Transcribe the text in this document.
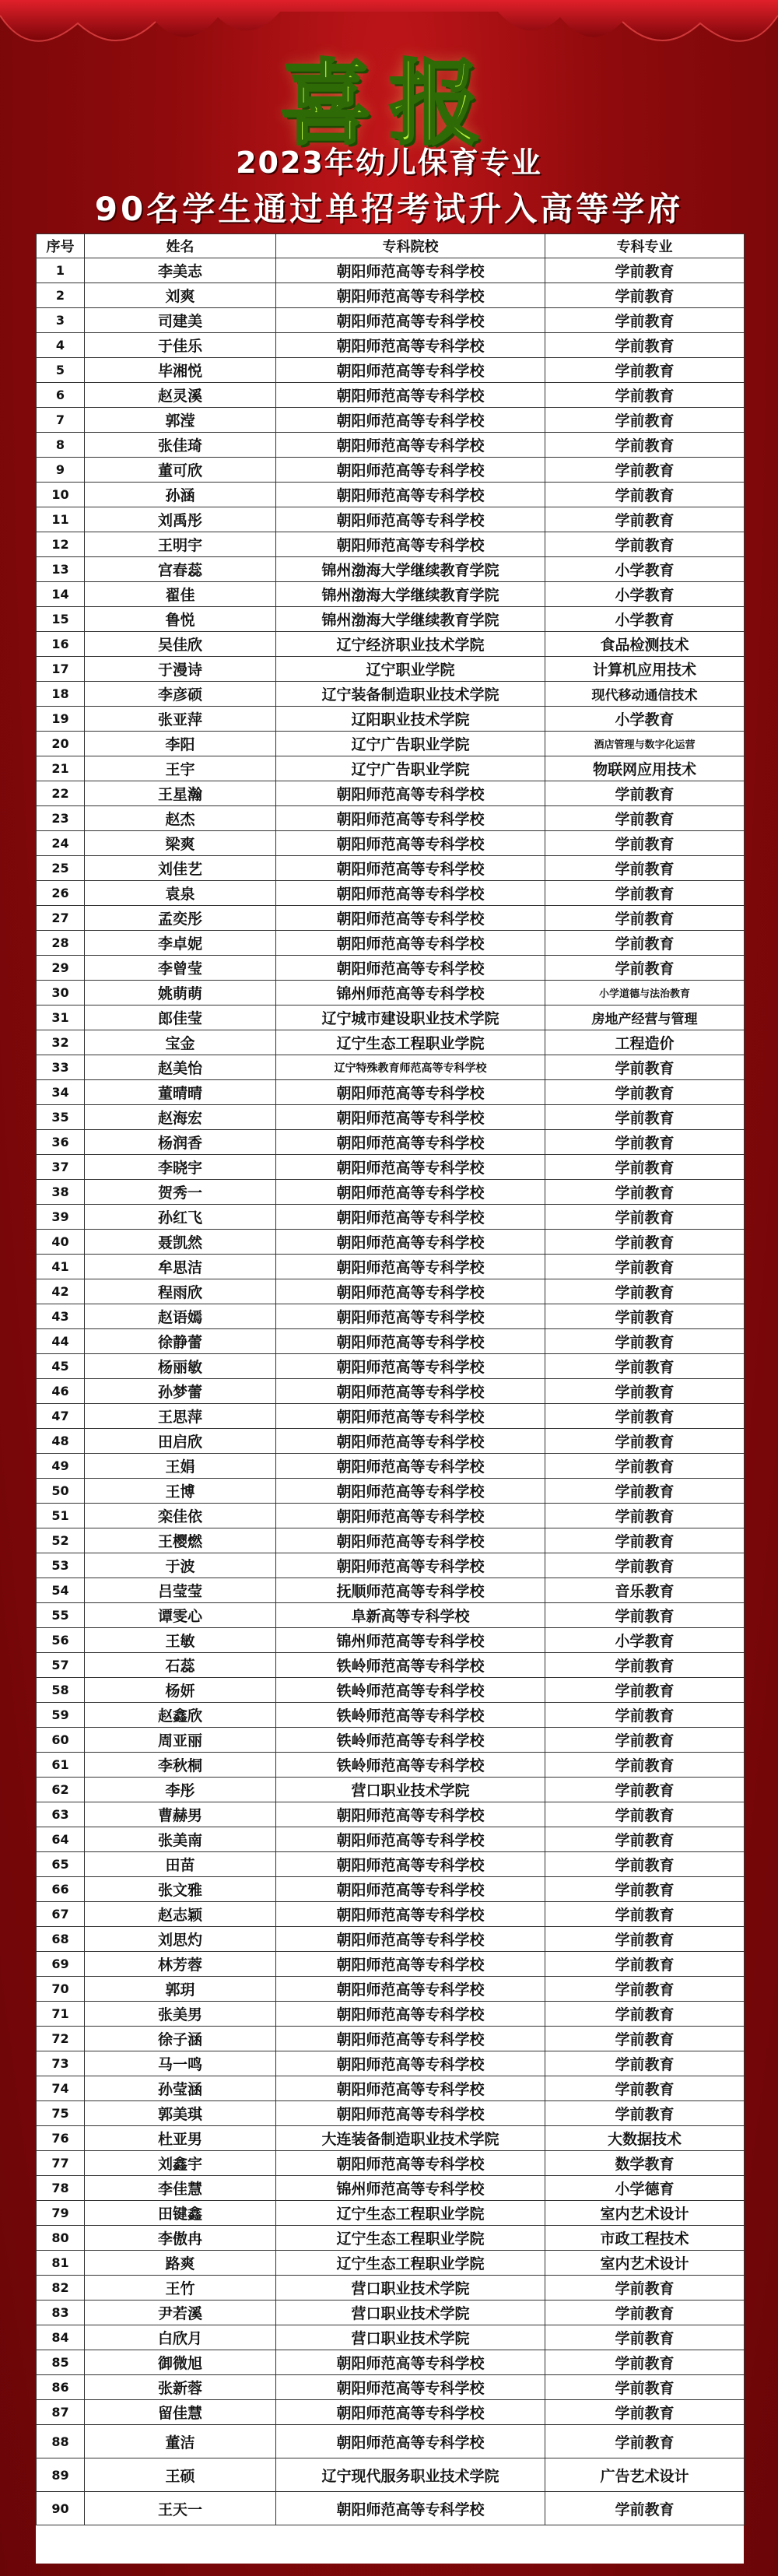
喜报
2023年幼儿保育专业
90名学生通过单招考试升入高等学府
序号	姓名	专科院校	专科专业
1	李美志	朝阳师范高等专科学校	学前教育
2	刘爽	朝阳师范高等专科学校	学前教育
3	司建美	朝阳师范高等专科学校	学前教育
4	于佳乐	朝阳师范高等专科学校	学前教育
5	毕湘悦	朝阳师范高等专科学校	学前教育
6	赵灵溪	朝阳师范高等专科学校	学前教育
7	郭滢	朝阳师范高等专科学校	学前教育
8	张佳琦	朝阳师范高等专科学校	学前教育
9	董可欣	朝阳师范高等专科学校	学前教育
10	孙涵	朝阳师范高等专科学校	学前教育
11	刘禹彤	朝阳师范高等专科学校	学前教育
12	王明宇	朝阳师范高等专科学校	学前教育
13	宫春蕊	锦州渤海大学继续教育学院	小学教育
14	翟佳	锦州渤海大学继续教育学院	小学教育
15	鲁悦	锦州渤海大学继续教育学院	小学教育
16	吴佳欣	辽宁经济职业技术学院	食品检测技术
17	于漫诗	辽宁职业学院	计算机应用技术
18	李彦硕	辽宁装备制造职业技术学院	现代移动通信技术
19	张亚萍	辽阳职业技术学院	小学教育
20	李阳	辽宁广告职业学院	酒店管理与数字化运营
21	王宇	辽宁广告职业学院	物联网应用技术
22	王星瀚	朝阳师范高等专科学校	学前教育
23	赵杰	朝阳师范高等专科学校	学前教育
24	梁爽	朝阳师范高等专科学校	学前教育
25	刘佳艺	朝阳师范高等专科学校	学前教育
26	袁泉	朝阳师范高等专科学校	学前教育
27	孟奕彤	朝阳师范高等专科学校	学前教育
28	李卓妮	朝阳师范高等专科学校	学前教育
29	李曾莹	朝阳师范高等专科学校	学前教育
30	姚萌萌	锦州师范高等专科学校	小学道德与法治教育
31	郎佳莹	辽宁城市建设职业技术学院	房地产经营与管理
32	宝金	辽宁生态工程职业学院	工程造价
33	赵美怡	辽宁特殊教育师范高等专科学校	学前教育
34	董晴晴	朝阳师范高等专科学校	学前教育
35	赵海宏	朝阳师范高等专科学校	学前教育
36	杨润香	朝阳师范高等专科学校	学前教育
37	李晓宇	朝阳师范高等专科学校	学前教育
38	贺秀一	朝阳师范高等专科学校	学前教育
39	孙红飞	朝阳师范高等专科学校	学前教育
40	聂凯然	朝阳师范高等专科学校	学前教育
41	牟思洁	朝阳师范高等专科学校	学前教育
42	程雨欣	朝阳师范高等专科学校	学前教育
43	赵语嫣	朝阳师范高等专科学校	学前教育
44	徐静蕾	朝阳师范高等专科学校	学前教育
45	杨丽敏	朝阳师范高等专科学校	学前教育
46	孙梦蕾	朝阳师范高等专科学校	学前教育
47	王思萍	朝阳师范高等专科学校	学前教育
48	田启欣	朝阳师范高等专科学校	学前教育
49	王娟	朝阳师范高等专科学校	学前教育
50	王博	朝阳师范高等专科学校	学前教育
51	栾佳依	朝阳师范高等专科学校	学前教育
52	王樱燃	朝阳师范高等专科学校	学前教育
53	于波	朝阳师范高等专科学校	学前教育
54	吕莹莹	抚顺师范高等专科学校	音乐教育
55	谭雯心	阜新高等专科学校	学前教育
56	王敏	锦州师范高等专科学校	小学教育
57	石蕊	铁岭师范高等专科学校	学前教育
58	杨妍	铁岭师范高等专科学校	学前教育
59	赵鑫欣	铁岭师范高等专科学校	学前教育
60	周亚丽	铁岭师范高等专科学校	学前教育
61	李秋桐	铁岭师范高等专科学校	学前教育
62	李彤	营口职业技术学院	学前教育
63	曹赫男	朝阳师范高等专科学校	学前教育
64	张美南	朝阳师范高等专科学校	学前教育
65	田苗	朝阳师范高等专科学校	学前教育
66	张文雅	朝阳师范高等专科学校	学前教育
67	赵志颖	朝阳师范高等专科学校	学前教育
68	刘思灼	朝阳师范高等专科学校	学前教育
69	林芳蓉	朝阳师范高等专科学校	学前教育
70	郭玥	朝阳师范高等专科学校	学前教育
71	张美男	朝阳师范高等专科学校	学前教育
72	徐子涵	朝阳师范高等专科学校	学前教育
73	马一鸣	朝阳师范高等专科学校	学前教育
74	孙莹涵	朝阳师范高等专科学校	学前教育
75	郭美琪	朝阳师范高等专科学校	学前教育
76	杜亚男	大连装备制造职业技术学院	大数据技术
77	刘鑫宇	朝阳师范高等专科学校	数学教育
78	李佳慧	锦州师范高等专科学校	小学德育
79	田键鑫	辽宁生态工程职业学院	室内艺术设计
80	李傲冉	辽宁生态工程职业学院	市政工程技术
81	路爽	辽宁生态工程职业学院	室内艺术设计
82	王竹	营口职业技术学院	学前教育
83	尹若溪	营口职业技术学院	学前教育
84	白欣月	营口职业技术学院	学前教育
85	御微旭	朝阳师范高等专科学校	学前教育
86	张新蓉	朝阳师范高等专科学校	学前教育
87	留佳慧	朝阳师范高等专科学校	学前教育
88	董洁	朝阳师范高等专科学校	学前教育
89	王硕	辽宁现代服务职业技术学院	广告艺术设计
90	王天一	朝阳师范高等专科学校	学前教育
